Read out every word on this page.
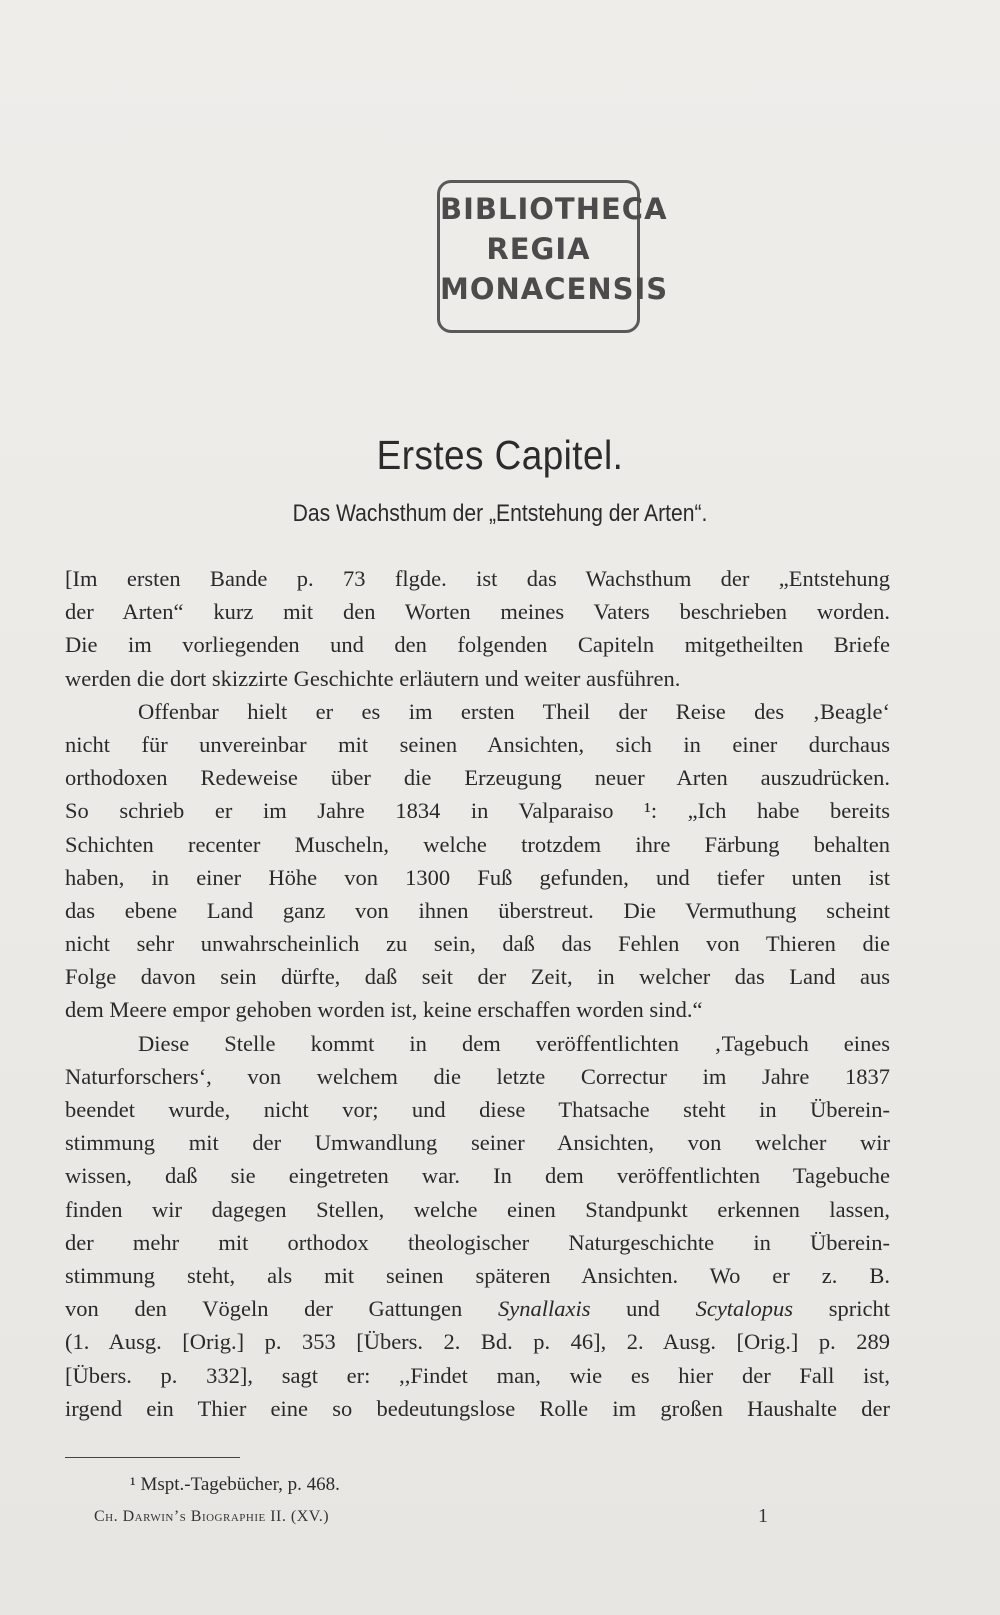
BIBLIOTHECA
REGIA
MONACENSIS
Erstes Capitel.
Das Wachsthum der „Entstehung der Arten“.
[Im ersten Bande p. 73 flgde. ist das Wachsthum der „Entstehung
der Arten“ kurz mit den Worten meines Vaters beschrieben worden.
Die im vorliegenden und den folgenden Capiteln mitgetheilten Briefe
werden die dort skizzirte Geschichte erläutern und weiter ausführen.
Offenbar hielt er es im ersten Theil der Reise des ‚Beagle‘
nicht für unvereinbar mit seinen Ansichten, sich in einer durchaus
orthodoxen Redeweise über die Erzeugung neuer Arten auszudrücken.
So schrieb er im Jahre 1834 in Valparaiso ¹: „Ich habe bereits
Schichten recenter Muscheln, welche trotzdem ihre Färbung behalten
haben, in einer Höhe von 1300 Fuß gefunden, und tiefer unten ist
das ebene Land ganz von ihnen überstreut. Die Vermuthung scheint
nicht sehr unwahrscheinlich zu sein, daß das Fehlen von Thieren die
Folge davon sein dürfte, daß seit der Zeit, in welcher das Land aus
dem Meere empor gehoben worden ist, keine erschaffen worden sind.“
Diese Stelle kommt in dem veröffentlichten ‚Tagebuch eines
Naturforschers‘, von welchem die letzte Correctur im Jahre 1837
beendet wurde, nicht vor; und diese Thatsache steht in Überein-
stimmung mit der Umwandlung seiner Ansichten, von welcher wir
wissen, daß sie eingetreten war. In dem veröffentlichten Tagebuche
finden wir dagegen Stellen, welche einen Standpunkt erkennen lassen,
der mehr mit orthodox theologischer Naturgeschichte in Überein-
stimmung steht, als mit seinen späteren Ansichten. Wo er z. B.
von den Vögeln der Gattungen Synallaxis und Scytalopus spricht
(1. Ausg. [Orig.] p. 353 [Übers. 2. Bd. p. 46], 2. Ausg. [Orig.] p. 289
[Übers. p. 332], sagt er: ,,Findet man, wie es hier der Fall ist,
irgend ein Thier eine so bedeutungslose Rolle im großen Haushalte der
¹ Mspt.-Tagebücher, p. 468.
Ch. Darwin’s Biographie II. (XV.)	1
